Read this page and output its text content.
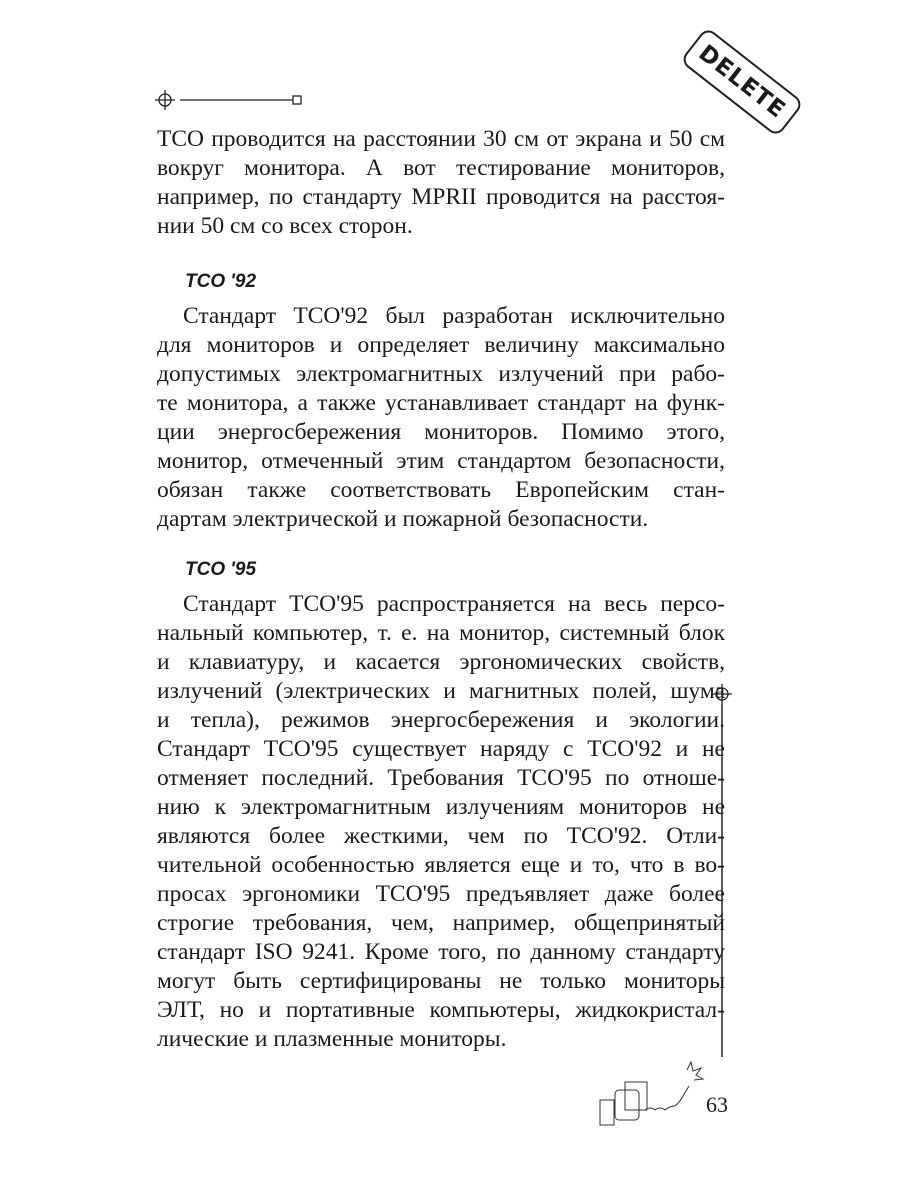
DELETE
ТСО проводится на расстоянии 30 см от экрана и 50 см
вокруг монитора. А вот тестирование мониторов,
например, по стандарту MPRII проводится на расстоя-
нии 50 см со всех сторон.
Стандарт ТСО'92 был разработан исключительно
для мониторов и определяет величину максимально
допустимых электромагнитных излучений при рабо-
те монитора, а также устанавливает стандарт на функ-
ции энергосбережения мониторов. Помимо этого,
монитор, отмеченный этим стандартом безопасности,
обязан также соответствовать Европейским стан-
дартам электрической и пожарной безопасности.
Стандарт ТСО'95 распространяется на весь персо-
нальный компьютер, т. е. на монитор, системный блок
и клавиатуру, и касается эргономических свойств,
излучений (электрических и магнитных полей, шума
и тепла), режимов энергосбережения и экологии.
Стандарт ТСО'95 существует наряду с ТСО'92 и не
отменяет последний. Требования ТСО'95 по отноше-
нию к электромагнитным излучениям мониторов не
являются более жесткими, чем по ТСО'92. Отли-
чительной особенностью является еще и то, что в во-
просах эргономики ТСО'95 предъявляет даже более
строгие требования, чем, например, общепринятый
стандарт ISO 9241. Кроме того, по данному стандарту
могут быть сертифицированы не только мониторы
ЭЛТ, но и портативные компьютеры, жидкокристал-
лические и плазменные мониторы.
TCO '92
TCO '95
63
